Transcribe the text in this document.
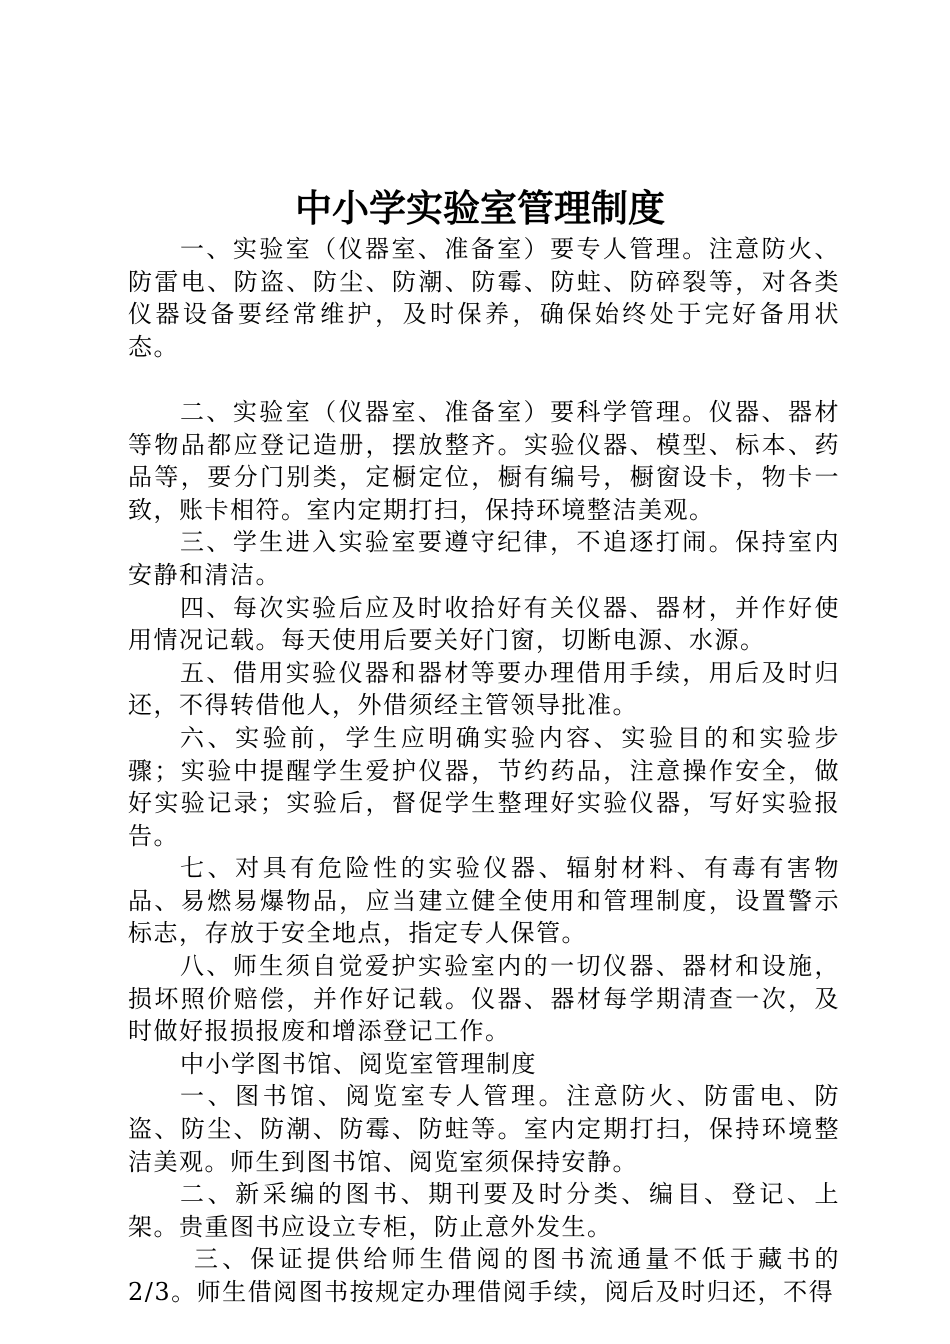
中小学实验室管理制度

一、实验室（仪器室、准备室）要专人管理。注意防火、防雷电、防盗、防尘、防潮、防霉、防蛀、防碎裂等，对各类仪器设备要经常维护，及时保养，确保始终处于完好备用状态。

二、实验室（仪器室、准备室）要科学管理。仪器、器材等物品都应登记造册，摆放整齐。实验仪器、模型、标本、药品等，要分门别类，定橱定位，橱有编号，橱窗设卡，物卡一致，账卡相符。室内定期打扫，保持环境整洁美观。

三、学生进入实验室要遵守纪律，不追逐打闹。保持室内安静和清洁。

四、每次实验后应及时收拾好有关仪器、器材，并作好使用情况记载。每天使用后要关好门窗，切断电源、水源。

五、借用实验仪器和器材等要办理借用手续，用后及时归还，不得转借他人，外借须经主管领导批准。

六、实验前，学生应明确实验内容、实验目的和实验步骤；实验中提醒学生爱护仪器，节约药品，注意操作安全，做好实验记录；实验后，督促学生整理好实验仪器，写好实验报告。

七、对具有危险性的实验仪器、辐射材料、有毒有害物品、易燃易爆物品，应当建立健全使用和管理制度，设置警示标志，存放于安全地点，指定专人保管。

八、师生须自觉爱护实验室内的一切仪器、器材和设施，损坏照价赔偿，并作好记载。仪器、器材每学期清查一次，及时做好报损报废和增添登记工作。

中小学图书馆、阅览室管理制度

一、图书馆、阅览室专人管理。注意防火、防雷电、防盗、防尘、防潮、防霉、防蛀等。室内定期打扫，保持环境整洁美观。师生到图书馆、阅览室须保持安静。

二、新采编的图书、期刊要及时分类、编目、登记、上架。贵重图书应设立专柜，防止意外发生。

三、保证提供给师生借阅的图书流通量不低于藏书的2/3。师生借阅图书按规定办理借阅手续，阅后及时归还，不得
